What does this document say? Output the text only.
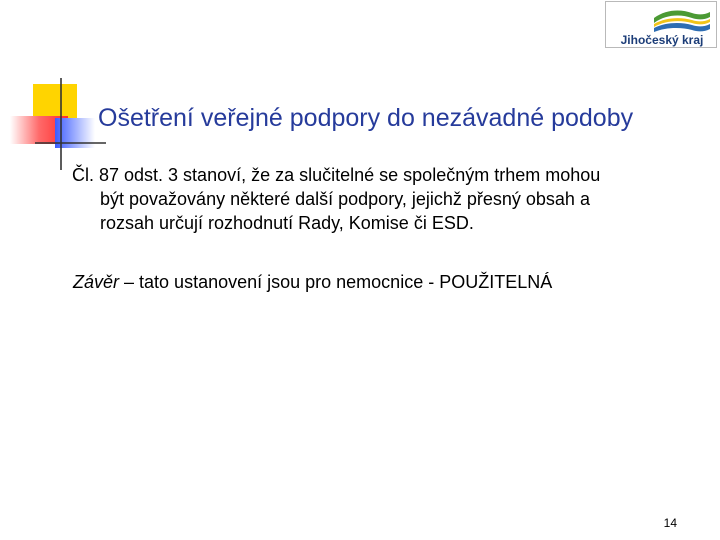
Jihočeský kraj
Ošetření veřejné podpory do nezávadné podoby

Čl. 87 odst. 3 stanoví, že za slučitelné se společným trhem mohou
být považovány některé další podpory, jejichž přesný obsah a
rozsah určují rozhodnutí Rady, Komise či ESD.

Závěr – tato ustanovení jsou pro nemocnice - POUŽITELNÁ

14
